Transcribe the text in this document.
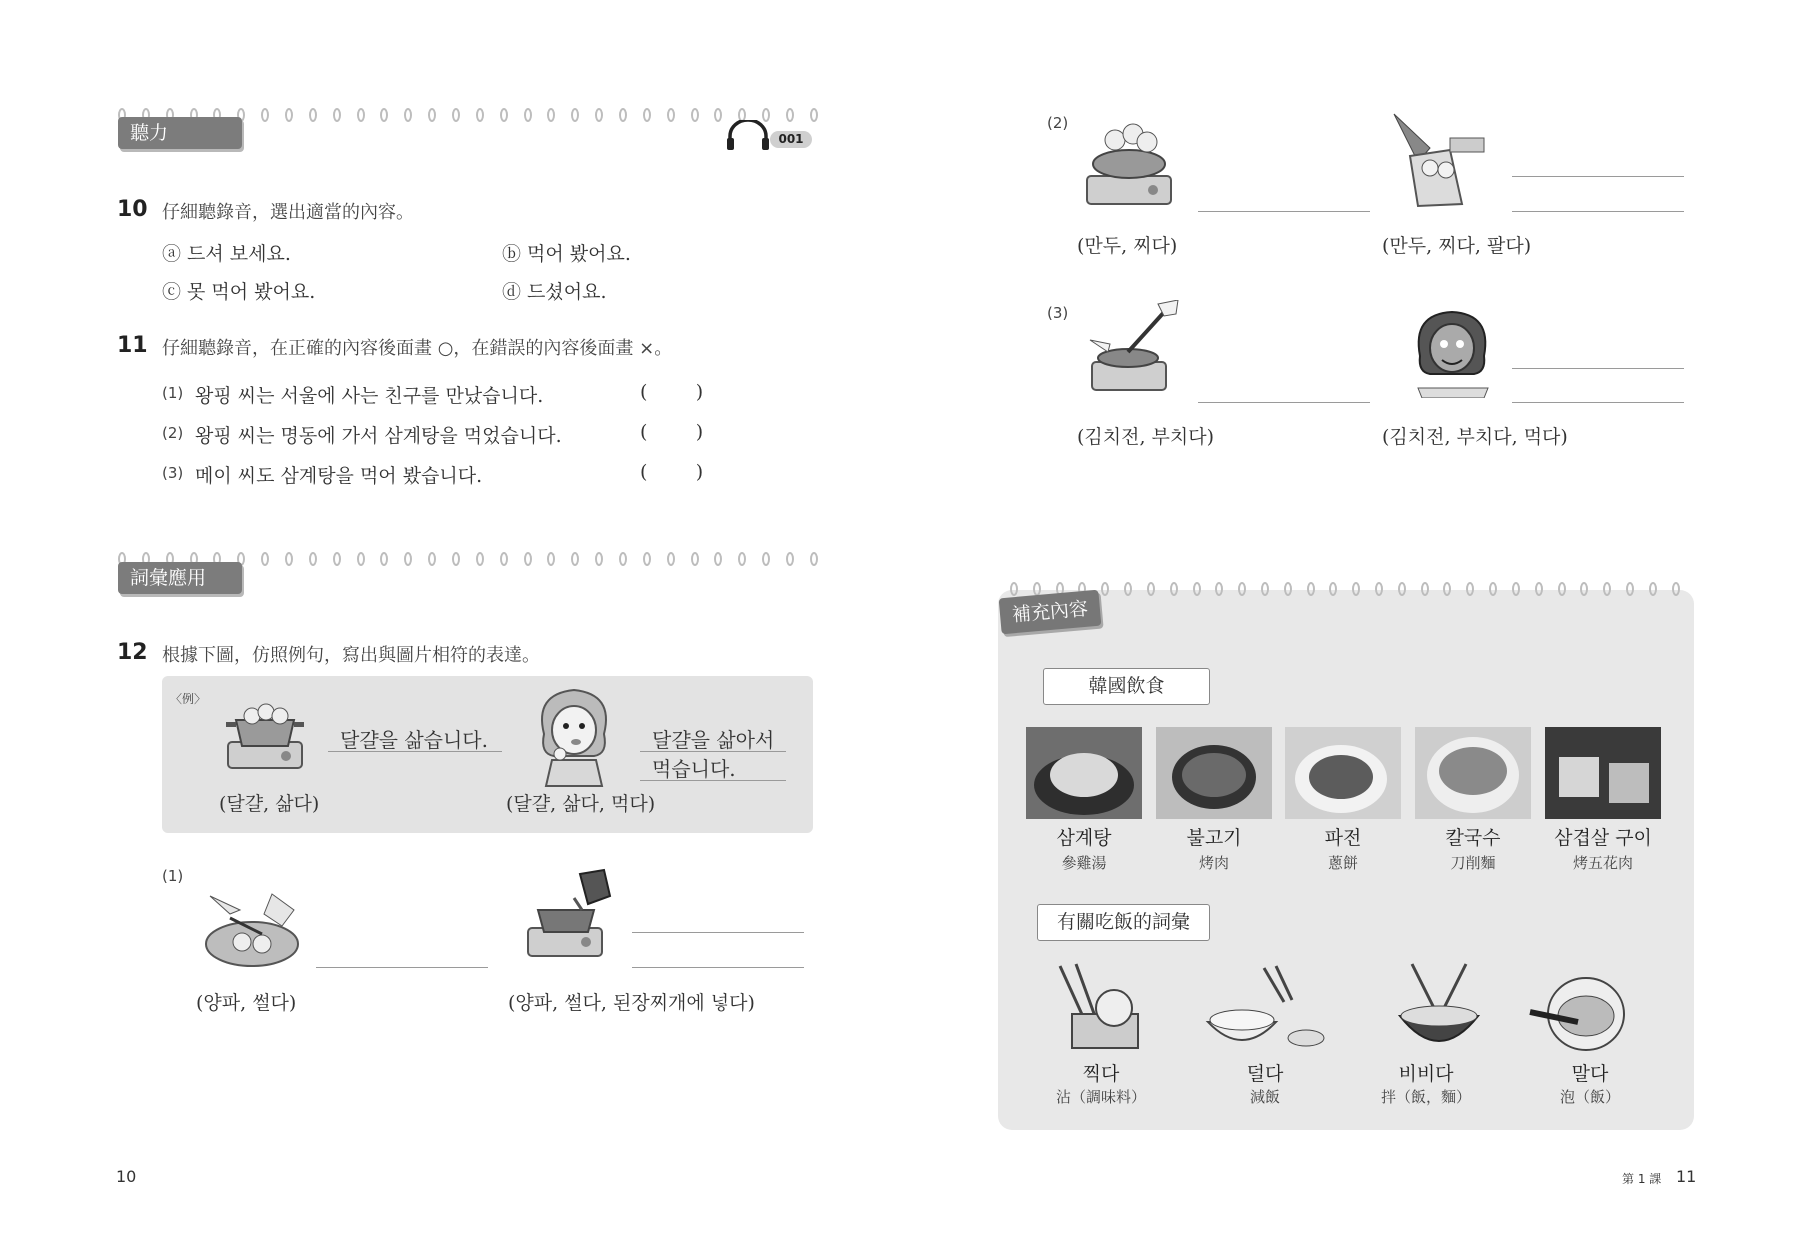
聽力	001
10 仔細聽錄音，選出適當的內容。
ⓐ 드셔 보세요.	ⓑ 먹어 봤어요.
ⓒ 못 먹어 봤어요.	ⓓ 드셨어요.
11 仔細聽錄音，在正確的內容後面畫 ○，在錯誤的內容後面畫 ×。
(1) 왕핑 씨는 서울에 사는 친구를 만났습니다.	(        )
(2) 왕핑 씨는 명동에 가서 삼계탕을 먹었습니다.	(        )
(3) 메이 씨도 삼계탕을 먹어 봤습니다.	(        )
詞彙應用
12 根據下圖，仿照例句，寫出與圖片相符的表達。
〈例〉
달걀을 삶습니다.
(달걀, 삶다)
달걀을 삶아서
먹습니다.
(달걀, 삶다, 먹다)
(1)
(양파, 썰다)	(양파, 썰다, 된장찌개에 넣다)
10
(2)
(만두, 찌다)	(만두, 찌다, 팔다)
(3)
(김치전, 부치다)	(김치전, 부치다, 먹다)
補充內容
韓國飲食
삼계탕
參雞湯
불고기
烤肉
파전
蔥餅
칼국수
刀削麵
삼겹살 구이
烤五花肉
有關吃飯的詞彙
찍다
沾（調味料）
덜다
減飯
비비다
拌（飯，麵）
말다
泡（飯）
第 1 課 11
